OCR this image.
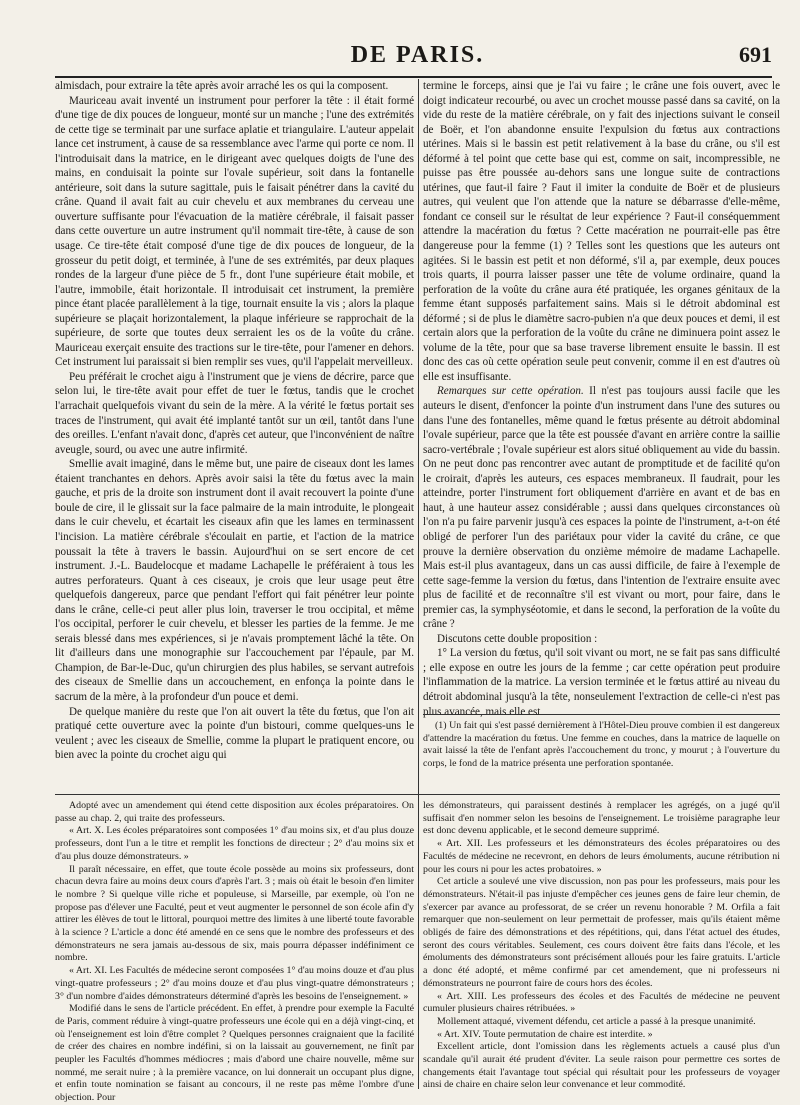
DE PARIS.	691

almisdach, pour extraire la tête après avoir arraché les os qui la composent.

Mauriceau avait inventé un instrument pour perforer la tête : il était formé d'une tige de dix pouces de longueur, monté sur un manche ; l'une des extrémités de cette tige se terminait par une surface aplatie et triangulaire. L'auteur appelait lance cet instrument, à cause de sa ressemblance avec l'arme qui porte ce nom. Il l'introduisait dans la matrice, en le dirigeant avec quelques doigts de l'une des mains, en conduisait la pointe sur l'ovale supérieur, soit dans la fontanelle antérieure, soit dans la suture sagittale, puis le faisait pénétrer dans la cavité du crâne. Quand il avait fait au cuir chevelu et aux membranes du cerveau une ouverture suffisante pour l'évacuation de la matière cérébrale, il faisait passer dans cette ouverture un autre instrument qu'il nommait tire-tête, à cause de son usage. Ce tire-tête était composé d'une tige de dix pouces de longueur, de la grosseur du petit doigt, et terminée, à l'une de ses extrémités, par deux plaques rondes de la largeur d'une pièce de 5 fr., dont l'une supérieure était mobile, et l'autre, immobile, était horizontale. Il introduisait cet instrument, la première pince étant placée parallèlement à la tige, tournait ensuite la vis ; alors la plaque supérieure se plaçait horizontalement, la plaque inférieure se rapprochait de la supérieure, de sorte que toutes deux serraient les os de la voûte du crâne. Mauriceau exerçait ensuite des tractions sur le tire-tête, pour l'amener en dehors. Cet instrument lui paraissait si bien remplir ses vues, qu'il l'appelait merveilleux.

Peu préférait le crochet aigu à l'instrument que je viens de décrire, parce que selon lui, le tire-tête avait pour effet de tuer le fœtus, tandis que le crochet l'arrachait quelquefois vivant du sein de la mère. A la vérité le fœtus portait ses traces de l'instrument, qui avait été implanté tantôt sur un œil, tantôt dans l'une des oreilles. L'enfant n'avait donc, d'après cet auteur, que l'inconvénient de naître aveugle, sourd, ou avec une autre infirmité.

Smellie avait imaginé, dans le même but, une paire de ciseaux dont les lames étaient tranchantes en dehors. Après avoir saisi la tête du fœtus avec la main gauche, et pris de la droite son instrument dont il avait recouvert la pointe d'une boule de cire, il le glissait sur la face palmaire de la main introduite, le plongeait dans le cuir chevelu, et écartait les ciseaux afin que les lames en terminassent l'incision. La matière cérébrale s'écoulait en partie, et l'action de la matrice poussait la tête à travers le bassin. Aujourd'hui on se sert encore de cet instrument. J.-L. Baudelocque et madame Lachapelle le préféraient à tous les autres perforateurs. Quant à ces ciseaux, je crois que leur usage peut être quelquefois dangereux, parce que pendant l'effort qui fait pénétrer leur pointe dans le crâne, celle-ci peut aller plus loin, traverser le trou occipital, et même l'os occipital, perforer le cuir chevelu, et blesser les parties de la femme. Je me serais blessé dans mes expériences, si je n'avais promptement lâché la tête. On lit d'ailleurs dans une monographie sur l'accouchement par l'épaule, par M. Champion, de Bar-le-Duc, qu'un chirurgien des plus habiles, se servant autrefois des ciseaux de Smellie dans un accouchement, en enfonça la pointe dans le sacrum de la mère, à la profondeur d'un pouce et demi.

De quelque manière du reste que l'on ait ouvert la tête du fœtus, que l'on ait pratiqué cette ouverture avec la pointe d'un bistouri, comme quelques-uns le veulent ; avec les ciseaux de Smellie, comme la plupart le pratiquent encore, ou bien avec la pointe du crochet aigu qui

termine le forceps, ainsi que je l'ai vu faire ; le crâne une fois ouvert, avec le doigt indicateur recourbé, ou avec un crochet mousse passé dans sa cavité, on la vide du reste de la matière cérébrale, on y fait des injections suivant le conseil de Boër, et l'on abandonne ensuite l'expulsion du fœtus aux contractions utérines. Mais si le bassin est petit relativement à la base du crâne, ou s'il est déformé à tel point que cette base qui est, comme on sait, incompressible, ne puisse pas être poussée au-dehors sans une longue suite de contractions utérines, que faut-il faire ? Faut il imiter la conduite de Boër et de plusieurs autres, qui veulent que l'on attende que la nature se débarrasse d'elle-même, fondant ce conseil sur le résultat de leur expérience ? Faut-il conséquemment attendre la macération du fœtus ? Cette macération ne pourrait-elle pas être dangereuse pour la femme (1) ? Telles sont les questions que les auteurs ont agitées. Si le bassin est petit et non déformé, s'il a, par exemple, deux pouces trois quarts, il pourra laisser passer une tête de volume ordinaire, quand la perforation de la voûte du crâne aura été pratiquée, les organes génitaux de la femme étant supposés parfaitement sains. Mais si le détroit abdominal est déformé ; si de plus le diamètre sacro-pubien n'a que deux pouces et demi, il est certain alors que la perforation de la voûte du crâne ne diminuera point assez le volume de la tête, pour que sa base traverse librement ensuite le bassin. Il est donc des cas où cette opération seule peut convenir, comme il en est d'autres où elle est insuffisante.

Remarques sur cette opération. Il n'est pas toujours aussi facile que les auteurs le disent, d'enfoncer la pointe d'un instrument dans l'une des sutures ou dans l'une des fontanelles, même quand le fœtus présente au détroit abdominal l'ovale supérieur, parce que la tête est poussée d'avant en arrière contre la saillie sacro-vertébrale ; l'ovale supérieur est alors situé obliquement au vide du bassin. On ne peut donc pas rencontrer avec autant de promptitude et de facilité qu'on le croirait, d'après les auteurs, ces espaces membraneux. Il faudrait, pour les atteindre, porter l'instrument fort obliquement d'arrière en avant et de bas en haut, à une hauteur assez considérable ; aussi dans quelques circonstances où l'on n'a pu faire parvenir jusqu'à ces espaces la pointe de l'instrument, a-t-on été obligé de perforer l'un des pariétaux pour vider la cavité du crâne, ce que prouve la dernière observation du onzième mémoire de madame Lachapelle. Mais est-il plus avantageux, dans un cas aussi difficile, de faire à l'exemple de cette sage-femme la version du fœtus, dans l'intention de l'extraire ensuite avec plus de facilité et de reconnaître s'il est vivant ou mort, pour faire, dans le premier cas, la symphyséotomie, et dans le second, la perforation de la voûte du crâne ?

Discutons cette double proposition :

1° La version du fœtus, qu'il soit vivant ou mort, ne se fait pas sans difficulté ; elle expose en outre les jours de la femme ; car cette opération peut produire l'inflammation de la matrice. La version terminée et le fœtus attiré au niveau du détroit abdominal jusqu'à la tête, nonseulement l'extraction de celle-ci n'est pas plus avancée, mais elle est

(1) Un fait qui s'est passé dernièrement à l'Hôtel-Dieu prouve combien il est dangereux d'attendre la macération du fœtus. Une femme en couches, dans la matrice de laquelle on avait laissé la tête de l'enfant après l'accouchement du tronc, y mourut ; à l'ouverture du corps, le fond de la matrice présenta une perforation spontanée.

Adopté avec un amendement qui étend cette disposition aux écoles préparatoires. On passe au chap. 2, qui traite des professeurs.

« Art. X. Les écoles préparatoires sont composées 1° d'au moins six, et d'au plus douze professeurs, dont l'un a le titre et remplit les fonctions de directeur ; 2° d'au moins six et d'au plus douze démonstrateurs. »

Il paraît nécessaire, en effet, que toute école possède au moins six professeurs, dont chacun devra faire au moins deux cours d'après l'art. 3 ; mais où était le besoin d'en limiter le nombre ? Si quelque ville riche et populeuse, si Marseille, par exemple, où l'on ne propose pas d'élever une Faculté, peut et veut augmenter le personnel de son école afin d'y attirer les élèves de tout le littoral, pourquoi mettre des limites à une liberté toute favorable à la science ? L'article a donc été amendé en ce sens que le nombre des professeurs et des démonstrateurs ne sera jamais au-dessous de six, mais pourra dépasser indéfiniment ce nombre.

« Art. XI. Les Facultés de médecine seront composées 1° d'au moins douze et d'au plus vingt-quatre professeurs ; 2° d'au moins douze et d'au plus vingt-quatre démonstrateurs ; 3° d'un nombre d'aides démonstrateurs déterminé d'après les besoins de l'enseignement. »

Modifié dans le sens de l'article précédent. En effet, à prendre pour exemple la Faculté de Paris, comment réduire à vingt-quatre professeurs une école qui en a déjà vingt-cinq, et où l'enseignement est loin d'être complet ? Quelques personnes craignaient que la facilité de créer des chaires en nombre indéfini, si on la laissait au gouvernement, ne finît par peupler les Facultés d'hommes médiocres ; mais d'abord une chaire nouvelle, même sur nommé, me serait nuire ; à la première vacance, on lui donnerait un occupant plus digne, et enfin toute nomination se faisant au concours, il ne reste pas même l'ombre d'une objection. Pour

les démonstrateurs, qui paraissent destinés à remplacer les agrégés, on a jugé qu'il suffisait d'en nommer selon les besoins de l'enseignement. Le troisième paragraphe leur est donc devenu applicable, et le second demeure supprimé.

« Art. XII. Les professeurs et les démonstrateurs des écoles préparatoires ou des Facultés de médecine ne recevront, en dehors de leurs émoluments, aucune rétribution ni pour les cours ni pour les actes probatoires. »

Cet article a soulevé une vive discussion, non pas pour les professeurs, mais pour les démonstrateurs. N'était-il pas injuste d'empêcher ces jeunes gens de faire leur chemin, de s'exercer par avance au professorat, de se créer un revenu honorable ? M. Orfila a fait remarquer que non-seulement on leur permettait de professer, mais qu'ils étaient même obligés de faire des démonstrations et des répétitions, qui, dans l'état actuel des études, seront des cours véritables. Seulement, ces cours doivent être faits dans l'école, et les émoluments des démonstrateurs sont précisément alloués pour les faire gratuits. L'article a donc été adopté, et même confirmé par cet amendement, que ni professeurs ni démonstrateurs ne pourront faire de cours hors des écoles.

« Art. XIII. Les professeurs des écoles et des Facultés de médecine ne peuvent cumuler plusieurs chaires rétribuées. »

Mollement attaqué, vivement défendu, cet article a passé à la presque unanimité.

« Art. XIV. Toute permutation de chaire est interdite. »

Excellent article, dont l'omission dans les règlements actuels a causé plus d'un scandale qu'il aurait été prudent d'éviter. La seule raison pour permettre ces sortes de changements était l'avantage tout spécial qui résultait pour les professeurs de voyager ainsi de chaire en chaire selon leur convenance et leur commodité.
